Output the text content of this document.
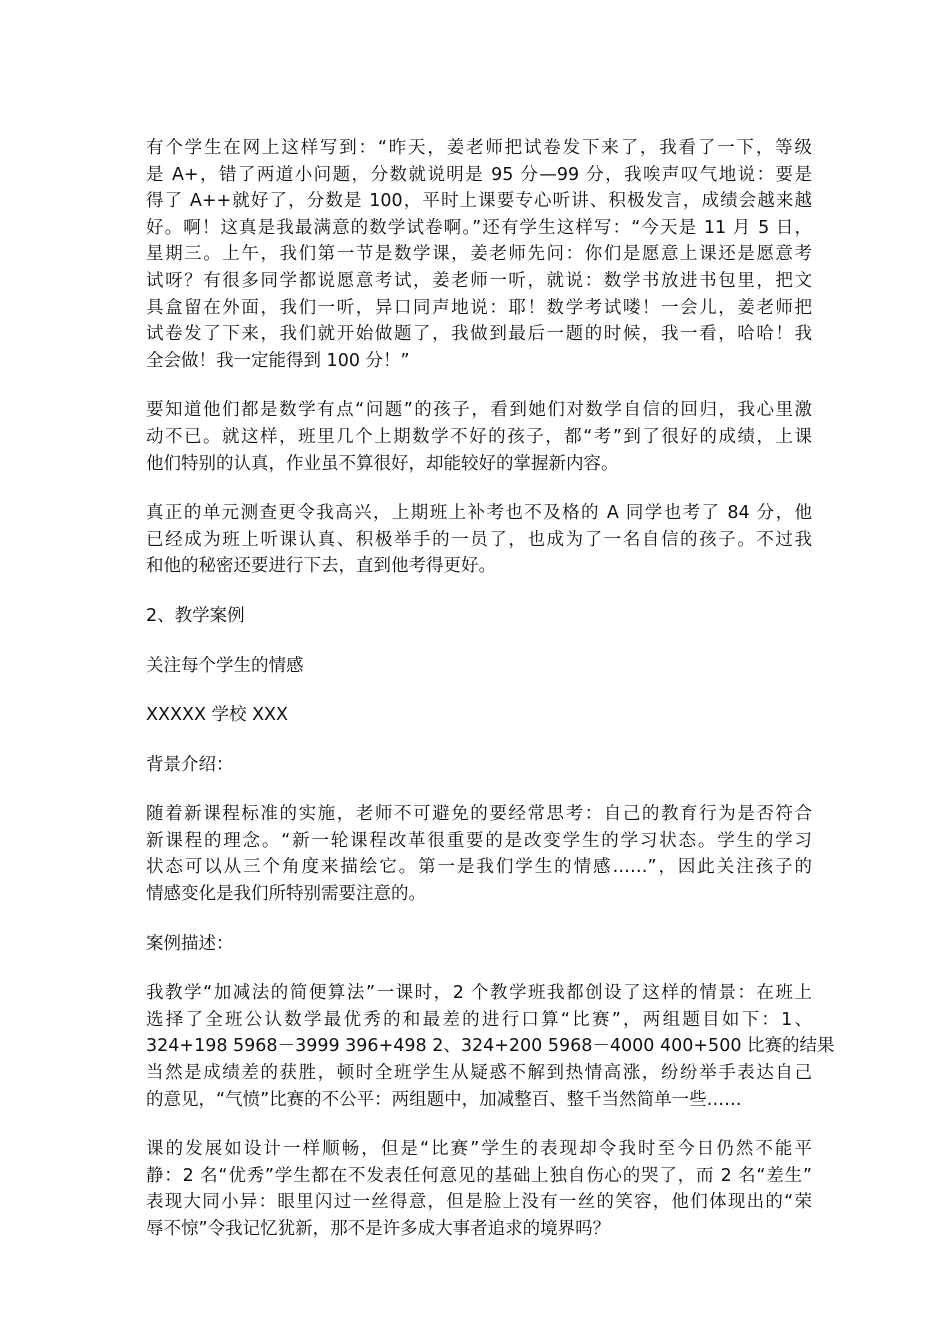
有个学生在网上这样写到：“昨天，姜老师把试卷发下来了，我看了一下，等级
是 A+，错了两道小问题，分数就说明是 95 分—99 分，我唉声叹气地说：要是
得了 A++就好了，分数是 100，平时上课要专心听讲、积极发言，成绩会越来越
好。啊！这真是我最满意的数学试卷啊。”还有学生这样写：“今天是 11 月 5 日，
星期三。上午，我们第一节是数学课，姜老师先问：你们是愿意上课还是愿意考
试呀？有很多同学都说愿意考试，姜老师一听，就说：数学书放进书包里，把文
具盒留在外面，我们一听，异口同声地说：耶！数学考试喽！一会儿，姜老师把
试卷发了下来，我们就开始做题了，我做到最后一题的时候，我一看，哈哈！我
全会做！我一定能得到 100 分！”

要知道他们都是数学有点“问题”的孩子，看到她们对数学自信的回归，我心里激
动不已。就这样，班里几个上期数学不好的孩子，都“考”到了很好的成绩，上课
他们特别的认真，作业虽不算很好，却能较好的掌握新内容。

真正的单元测查更令我高兴，上期班上补考也不及格的 A 同学也考了 84 分，他
已经成为班上听课认真、积极举手的一员了，也成为了一名自信的孩子。不过我
和他的秘密还要进行下去，直到他考得更好。

2、教学案例

关注每个学生的情感

XXXXX 学校 XXX

背景介绍：

随着新课程标准的实施，老师不可避免的要经常思考：自己的教育行为是否符合
新课程的理念。“新一轮课程改革很重要的是改变学生的学习状态。学生的学习
状态可以从三个角度来描绘它。第一是我们学生的情感……”，因此关注孩子的
情感变化是我们所特别需要注意的。

案例描述：

我教学“加减法的简便算法”一课时，2 个教学班我都创设了这样的情景：在班上
选择了全班公认数学最优秀的和最差的进行口算“比赛”，两组题目如下：1、
324+198 5968－3999 396+498 2、324+200 5968－4000 400+500 比赛的结果
当然是成绩差的获胜，顿时全班学生从疑惑不解到热情高涨，纷纷举手表达自己
的意见，“气愤”比赛的不公平：两组题中，加减整百、整千当然简单一些……

课的发展如设计一样顺畅，但是“比赛”学生的表现却令我时至今日仍然不能平
静：2 名“优秀”学生都在不发表任何意见的基础上独自伤心的哭了，而 2 名“差生”
表现大同小异：眼里闪过一丝得意，但是脸上没有一丝的笑容，他们体现出的“荣
辱不惊”令我记忆犹新，那不是许多成大事者追求的境界吗？
